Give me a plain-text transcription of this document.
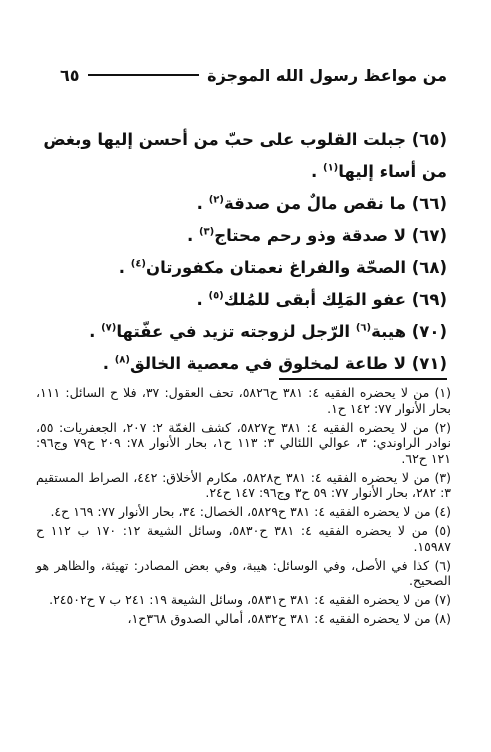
من مواعظ رسول الله الموجزة
٦٥

(٦٥) جبلت القلوب على حبّ من أحسن إليها وبغض من أساء إليها$^{(١)}$ .

(٦٦) ما نقص مالٌ من صدقة$^{(٢)}$ .

(٦٧) لا صدقة وذو رحم محتاج$^{(٣)}$ .

(٦٨) الصحّة والفراغ نعمتان مكفورتان$^{(٤)}$ .

(٦٩) عفو المَلِك أبقى للمُلك$^{(٥)}$ .

(٧٠) هيبة$^{(٦)}$ الرّجل لزوجته تزيد في عفّتها$^{(٧)}$ .

(٧١) لا طاعة لمخلوق في معصية الخالق$^{(٨)}$ .

(١) من لا يحضره الفقيه ٤: ٣٨١ ح٥٨٢٦، تحف العقول: ٣٧، فلا ح السائل: ١١١، بحار الأنوار ٧٧: ١٤٢ ح١.

(٢) من لا يحضره الفقيه ٤: ٣٨١ ح٥٨٢٧، كشف الغمّة ٢: ٢٠٧، الجعفريات: ٥٥، نوادر الراوندي: ٣، عوالي اللئالي ٣: ١١٣ ح١، بحار الأنوار ٧٨: ٢٠٩ ح٧٩ وج٩٦: ١٢١ ح٦٢.

(٣) من لا يحضره الفقيه ٤: ٣٨١ ح٥٨٢٨، مكارم الأخلاق: ٤٤٢، الصراط المستقيم ٣: ٢٨٢، بحار الأنوار ٧٧: ٥٩ ح٣ وج٩٦: ١٤٧ ح٢٤.

(٤) من لا يحضره الفقيه ٤: ٣٨١ ح٥٨٢٩، الخصال: ٣٤، بحار الأنوار ٧٧: ١٦٩ ح٤.

(٥) من لا يحضره الفقيه ٤: ٣٨١ ح٥٨٣٠، وسائل الشيعة ١٢: ١٧٠ ب ١١٢ ح ١٥٩٨٧.

(٦) كذا في الأصل، وفي الوسائل: هيبة، وفي بعض المصادر: تهيئة، والظاهر هو الصحيح.

(٧) من لا يحضره الفقيه ٤: ٣٨١ ح٥٨٣١، وسائل الشيعة ١٩: ٢٤١ ب ٧ ح٢٤٥٠٢.

(٨) من لا يحضره الفقيه ٤: ٣٨١ ح٥٨٣٢، أمالي الصدوق ٣٦٨ح١،
